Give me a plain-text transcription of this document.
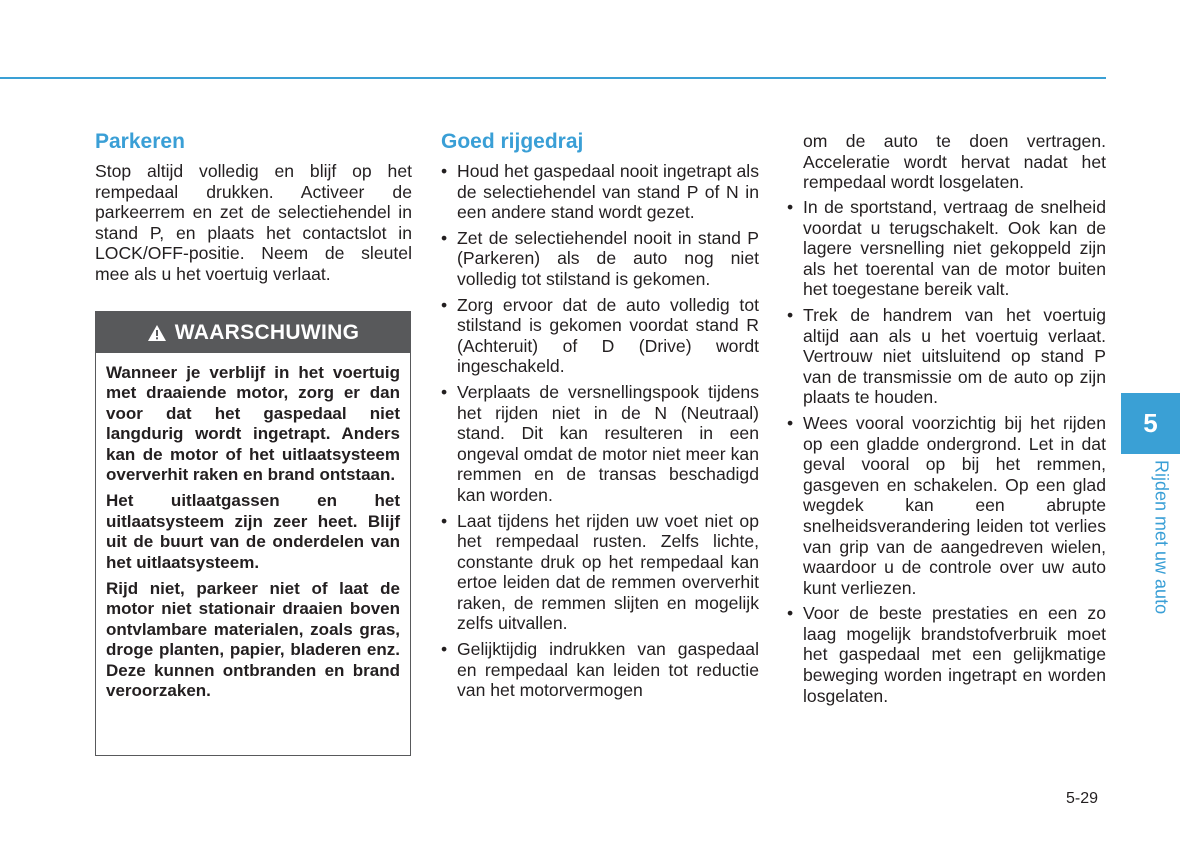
Parkeren

Stop altijd volledig en blijf op het rempedaal drukken. Activeer de parkeerrem en zet de selectiehendel in stand P, en plaats het contactslot in LOCK/OFF-positie. Neem de sleutel mee als u het voertuig verlaat.

WAARSCHUWING

Wanneer je verblijf in het voertuig met draaiende motor, zorg er dan voor dat het gaspedaal niet langdurig wordt ingetrapt. Anders kan de motor of het uitlaatsysteem oververhit raken en brand ontstaan.

Het uitlaatgassen en het uitlaatsysteem zijn zeer heet. Blijf uit de buurt van de onderdelen van het uitlaatsysteem.

Rijd niet, parkeer niet of laat de motor niet stationair draaien boven ontvlambare materialen, zoals gras, droge planten, papier, bladeren enz. Deze kunnen ontbranden en brand veroorzaken.

Goed rijgedraj
• Houd het gaspedaal nooit ingetrapt als de selectiehendel van stand P of N in een andere stand wordt gezet.
• Zet de selectiehendel nooit in stand P (Parkeren) als de auto nog niet volledig tot stilstand is gekomen.
• Zorg ervoor dat de auto volledig tot stilstand is gekomen voordat stand R (Achteruit) of D (Drive) wordt ingeschakeld.
• Verplaats de versnellingspook tijdens het rijden niet in de N (Neutraal) stand. Dit kan resulteren in een ongeval omdat de motor niet meer kan remmen en de transas beschadigd kan worden.
• Laat tijdens het rijden uw voet niet op het rempedaal rusten. Zelfs lichte, constante druk op het rempedaal kan ertoe leiden dat de remmen oververhit raken, de remmen slijten en mogelijk zelfs uitvallen.
• Gelijktijdig indrukken van gaspedaal en rempedaal kan leiden tot reductie van het motorvermogen

om de auto te doen vertragen. Acceleratie wordt hervat nadat het rempedaal wordt losgelaten.

• In de sportstand, vertraag de snelheid voordat u terugschakelt. Ook kan de lagere versnelling niet gekoppeld zijn als het toerental van de motor buiten het toegestane bereik valt.
• Trek de handrem van het voertuig altijd aan als u het voertuig verlaat. Vertrouw niet uitsluitend op stand P van de transmissie om de auto op zijn plaats te houden.
• Wees vooral voorzichtig bij het rijden op een gladde ondergrond. Let in dat geval vooral op bij het remmen, gasgeven en schakelen. Op een glad wegdek kan een abrupte snelheidsverandering leiden tot verlies van grip van de aangedreven wielen, waardoor u de controle over uw auto kunt verliezen.
• Voor de beste prestaties en een zo laag mogelijk brandstofverbruik moet het gaspedaal met een gelijkmatige beweging worden ingetrapt en worden losgelaten.
5
Rijden met uw auto
5-29
